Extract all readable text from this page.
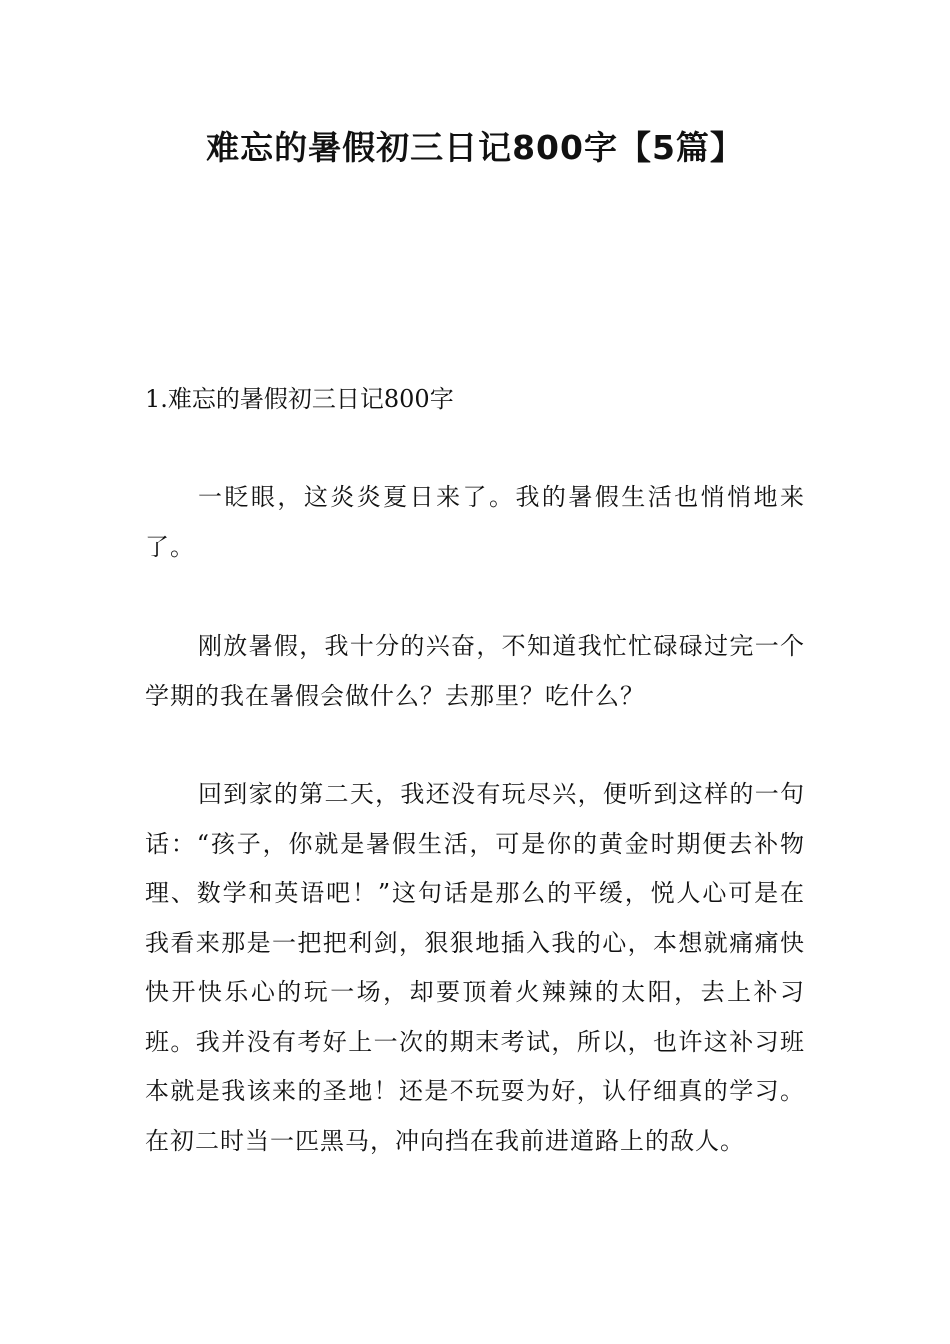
难忘的暑假初三日记800字【5篇】

1.难忘的暑假初三日记800字

一眨眼，这炎炎夏日来了。我的暑假生活也悄悄地来了。

刚放暑假，我十分的兴奋，不知道我忙忙碌碌过完一个学期的我在暑假会做什么？去那里？吃什么？

回到家的第二天，我还没有玩尽兴，便听到这样的一句话：“孩子，你就是暑假生活，可是你的黄金时期便去补物理、数学和英语吧！”这句话是那么的平缓，悦人心可是在我看来那是一把把利剑，狠狠地插入我的心，本想就痛痛快快开快乐心的玩一场，却要顶着火辣辣的太阳，去上补习班。我并没有考好上一次的期末考试，所以，也许这补习班本就是我该来的圣地！还是不玩耍为好，认仔细真的学习。在初二时当一匹黑马，冲向挡在我前进道路上的敌人。
